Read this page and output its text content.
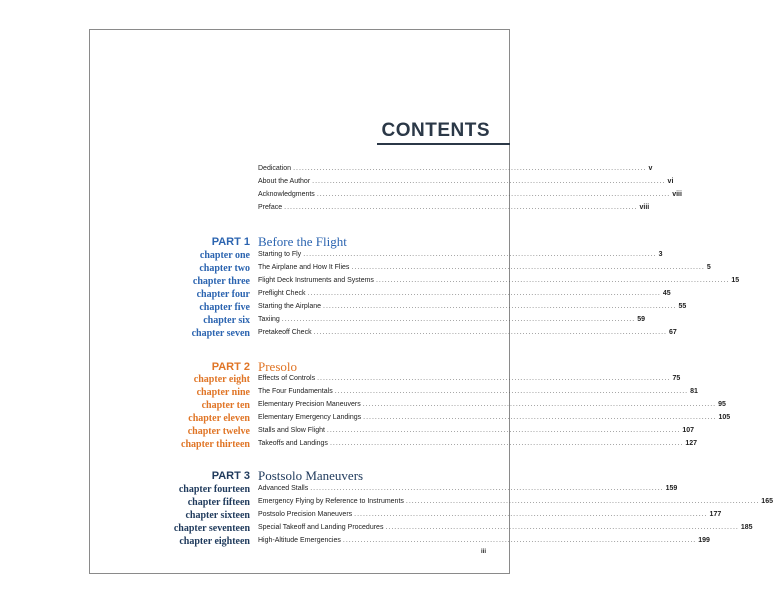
CONTENTS
Dedication ........................................................................................................................ v
About the Author ........................................................................................................................ vi
Acknowledgments ........................................................................................................................ viii
Preface ........................................................................................................................ viii
PART 1 Before the Flight
chapter one Starting to Fly ........................................................................................................................ 3
chapter two The Airplane and How It Flies ........................................................................................................................ 5
chapter three Flight Deck Instruments and Systems ........................................................................................................................ 15
chapter four Preflight Check ........................................................................................................................ 45
chapter five Starting the Airplane ........................................................................................................................ 55
chapter six Taxiing ........................................................................................................................ 59
chapter seven Pretakeoff Check ........................................................................................................................ 67
PART 2 Presolo
chapter eight Effects of Controls ........................................................................................................................ 75
chapter nine The Four Fundamentals ........................................................................................................................ 81
chapter ten Elementary Precision Maneuvers ........................................................................................................................ 95
chapter eleven Elementary Emergency Landings ........................................................................................................................ 105
chapter twelve Stalls and Slow Flight ........................................................................................................................ 107
chapter thirteen Takeoffs and Landings ........................................................................................................................ 127
PART 3 Postsolo Maneuvers
chapter fourteen Advanced Stalls ........................................................................................................................ 159
chapter fifteen Emergency Flying by Reference to Instruments ........................................................................................................................ 165
chapter sixteen Postsolo Precision Maneuvers ........................................................................................................................ 177
chapter seventeen Special Takeoff and Landing Procedures ........................................................................................................................ 185
chapter eighteen High-Altitude Emergencies ........................................................................................................................ 199
iii
